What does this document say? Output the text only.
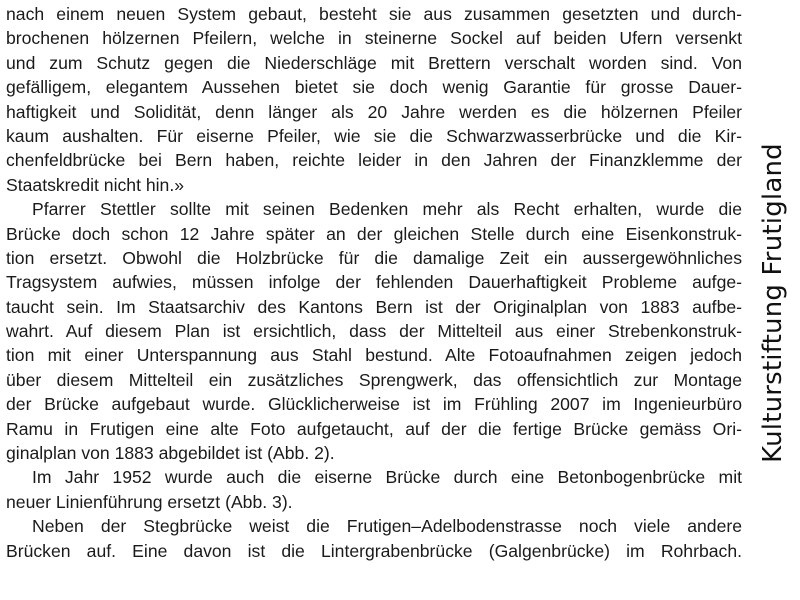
nach einem neuen System gebaut, besteht sie aus zusammen gesetzten und durch-
brochenen hölzernen Pfeilern, welche in steinerne Sockel auf beiden Ufern versenkt
und zum Schutz gegen die Niederschläge mit Brettern verschalt worden sind. Von
gefälligem, elegantem Aussehen bietet sie doch wenig Garantie für grosse Dauer-
haftigkeit und Solidität, denn länger als 20 Jahre werden es die hölzernen Pfeiler
kaum aushalten. Für eiserne Pfeiler, wie sie die Schwarzwasserbrücke und die Kir-
chenfeldbrücke bei Bern haben, reichte leider in den Jahren der Finanzklemme der
Staatskredit nicht hin.»
Pfarrer Stettler sollte mit seinen Bedenken mehr als Recht erhalten, wurde die
Brücke doch schon 12 Jahre später an der gleichen Stelle durch eine Eisenkonstruk-
tion ersetzt. Obwohl die Holzbrücke für die damalige Zeit ein aussergewöhnliches
Tragsystem aufwies, müssen infolge der fehlenden Dauerhaftigkeit Probleme aufge-
taucht sein. Im Staatsarchiv des Kantons Bern ist der Originalplan von 1883 aufbe-
wahrt. Auf diesem Plan ist ersichtlich, dass der Mittelteil aus einer Strebenkonstruk-
tion mit einer Unterspannung aus Stahl bestund. Alte Fotoaufnahmen zeigen jedoch
über diesem Mittelteil ein zusätzliches Sprengwerk, das offensichtlich zur Montage
der Brücke aufgebaut wurde. Glücklicherweise ist im Frühling 2007 im Ingenieurbüro
Ramu in Frutigen eine alte Foto aufgetaucht, auf der die fertige Brücke gemäss Ori-
ginalplan von 1883 abgebildet ist (Abb. 2).
Im Jahr 1952 wurde auch die eiserne Brücke durch eine Betonbogenbrücke mit
neuer Linienführung ersetzt (Abb. 3).
Neben der Stegbrücke weist die Frutigen–Adelbodenstrasse noch viele andere
Brücken auf. Eine davon ist die Lintergrabenbrücke (Galgenbrücke) im Rohrbach.
Kulturstiftung Frutigland
